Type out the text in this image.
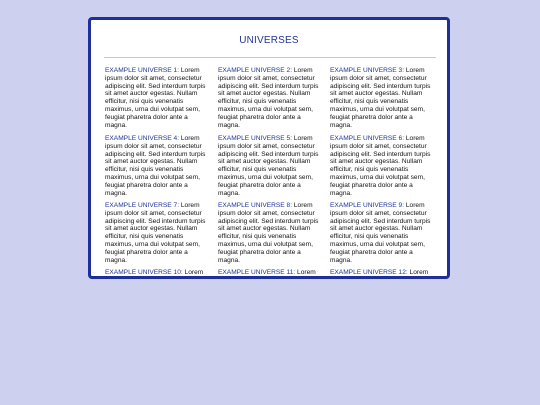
UNIVERSES
EXAMPLE UNIVERSE 1: Lorem ipsum dolor sit amet, consectetur adipiscing elit. Sed interdum turpis sit amet auctor egestas. Nullam efficitur, nisi quis venenatis maximus, urna dui volutpat sem, feugiat pharetra dolor ante a magna.
EXAMPLE UNIVERSE 2: Lorem ipsum dolor sit amet, consectetur adipiscing elit. Sed interdum turpis sit amet auctor egestas. Nullam efficitur, nisi quis venenatis maximus, urna dui volutpat sem, feugiat pharetra dolor ante a magna.
EXAMPLE UNIVERSE 3: Lorem ipsum dolor sit amet, consectetur adipiscing elit. Sed interdum turpis sit amet auctor egestas. Nullam efficitur, nisi quis venenatis maximus, urna dui volutpat sem, feugiat pharetra dolor ante a magna.
EXAMPLE UNIVERSE 4: Lorem ipsum dolor sit amet, consectetur adipiscing elit. Sed interdum turpis sit amet auctor egestas. Nullam efficitur, nisi quis venenatis maximus, urna dui volutpat sem, feugiat pharetra dolor ante a magna.
EXAMPLE UNIVERSE 5: Lorem ipsum dolor sit amet, consectetur adipiscing elit. Sed interdum turpis sit amet auctor egestas. Nullam efficitur, nisi quis venenatis maximus, urna dui volutpat sem, feugiat pharetra dolor ante a magna.
EXAMPLE UNIVERSE 6: Lorem ipsum dolor sit amet, consectetur adipiscing elit. Sed interdum turpis sit amet auctor egestas. Nullam efficitur, nisi quis venenatis maximus, urna dui volutpat sem, feugiat pharetra dolor ante a magna.
EXAMPLE UNIVERSE 7: Lorem ipsum dolor sit amet, consectetur adipiscing elit. Sed interdum turpis sit amet auctor egestas. Nullam efficitur, nisi quis venenatis maximus, urna dui volutpat sem, feugiat pharetra dolor ante a magna.
EXAMPLE UNIVERSE 8: Lorem ipsum dolor sit amet, consectetur adipiscing elit. Sed interdum turpis sit amet auctor egestas. Nullam efficitur, nisi quis venenatis maximus, urna dui volutpat sem, feugiat pharetra dolor ante a magna.
EXAMPLE UNIVERSE 9: Lorem ipsum dolor sit amet, consectetur adipiscing elit. Sed interdum turpis sit amet auctor egestas. Nullam efficitur, nisi quis venenatis maximus, urna dui volutpat sem, feugiat pharetra dolor ante a magna.
EXAMPLE UNIVERSE 10: Lorem	EXAMPLE UNIVERSE 11: Lorem	EXAMPLE UNIVERSE 12: Lorem
